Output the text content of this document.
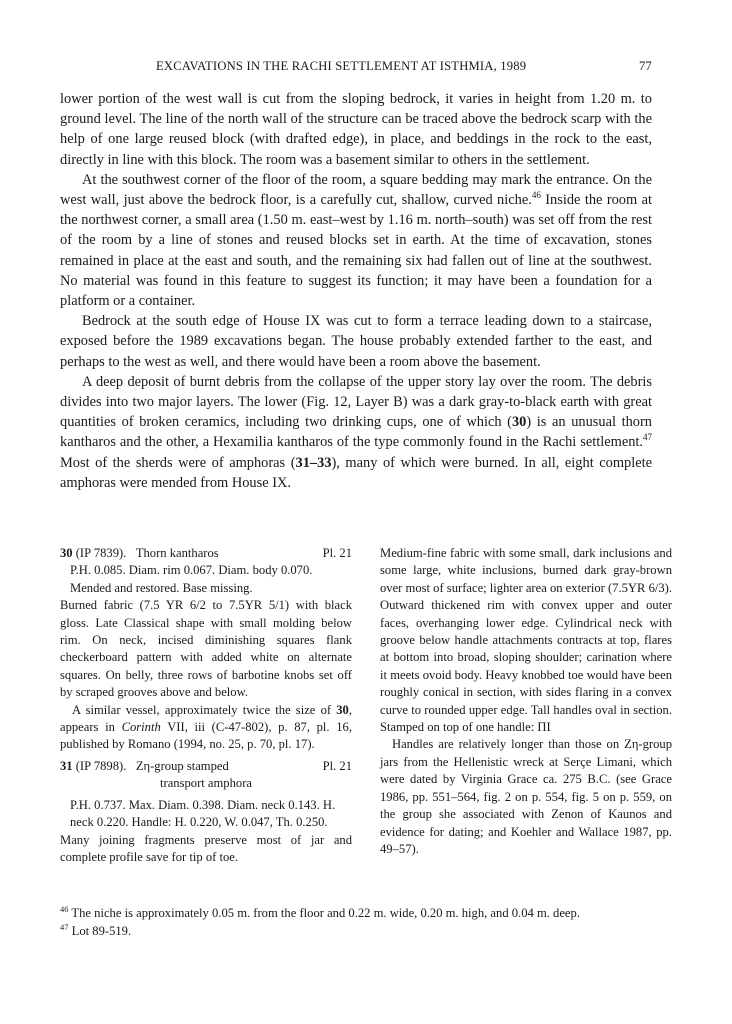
EXCAVATIONS IN THE RACHI SETTLEMENT AT ISTHMIA, 1989	77

lower portion of the west wall is cut from the sloping bedrock, it varies in height from 1.20 m. to ground level. The line of the north wall of the structure can be traced above the bedrock scarp with the help of one large reused block (with drafted edge), in place, and beddings in the rock to the east, directly in line with this block. The room was a basement similar to others in the settlement.

At the southwest corner of the floor of the room, a square bedding may mark the entrance. On the west wall, just above the bedrock floor, is a carefully cut, shallow, curved niche.$^{46}$ Inside the room at the northwest corner, a small area (1.50 m. east–west by 1.16 m. north–south) was set off from the rest of the room by a line of stones and reused blocks set in earth. At the time of excavation, stones remained in place at the east and south, and the remaining six had fallen out of line at the southwest. No material was found in this feature to suggest its function; it may have been a foundation for a platform or a container.

Bedrock at the south edge of House IX was cut to form a terrace leading down to a staircase, exposed before the 1989 excavations began. The house probably extended farther to the east, and perhaps to the west as well, and there would have been a room above the basement.

A deep deposit of burnt debris from the collapse of the upper story lay over the room. The debris divides into two major layers. The lower (Fig. 12, Layer B) was a dark gray-to-black earth with great quantities of broken ceramics, including two drinking cups, one of which (30) is an unusual thorn kantharos and the other, a Hexamilia kantharos of the type commonly found in the Rachi settlement.$^{47}$ Most of the sherds were of amphoras (31–33), many of which were burned. In all, eight complete amphoras were mended from House IX.

30 (IP 7839). Thorn kantharos	Pl. 21
P.H. 0.085. Diam. rim 0.067. Diam. body 0.070.
Mended and restored. Base missing.

Burned fabric (7.5 YR 6/2 to 7.5YR 5/1) with black gloss. Late Classical shape with small molding below rim. On neck, incised diminishing squares flank checkerboard pattern with added white on alternate squares. On belly, three rows of barbotine knobs set off by scraped grooves above and below.

A similar vessel, approximately twice the size of 30, appears in Corinth VII, iii (C-47-802), p. 87, pl. 16, published by Romano (1994, no. 25, p. 70, pl. 17).

31 (IP 7898). Zη-group stamped	Pl. 21
transport amphora
P.H. 0.737. Max. Diam. 0.398. Diam. neck 0.143. H. neck 0.220. Handle: H. 0.220, W. 0.047, Th. 0.250.

Many joining fragments preserve most of jar and complete profile save for tip of toe.

Medium-fine fabric with some small, dark inclusions and some large, white inclusions, burned dark gray-brown over most of surface; lighter area on exterior (7.5YR 6/3). Outward thickened rim with convex upper and outer faces, overhanging lower edge. Cylindrical neck with groove below handle attachments contracts at top, flares at bottom into broad, sloping shoulder; carination where it meets ovoid body. Heavy knobbed toe would have been roughly conical in section, with sides flaring in a convex curve to rounded upper edge. Tall handles oval in section. Stamped on top of one handle: ΠΙ

Handles are relatively longer than those on Zη-group jars from the Hellenistic wreck at Serçe Limani, which were dated by Virginia Grace ca. 275 B.C. (see Grace 1986, pp. 551–564, fig. 2 on p. 554, fig. 5 on p. 559, on the group she associated with Zenon of Kaunos and evidence for dating; and Koehler and Wallace 1987, pp. 49–57).

$^{46}$ The niche is approximately 0.05 m. from the floor and 0.22 m. wide, 0.20 m. high, and 0.04 m. deep.
$^{47}$ Lot 89-519.
